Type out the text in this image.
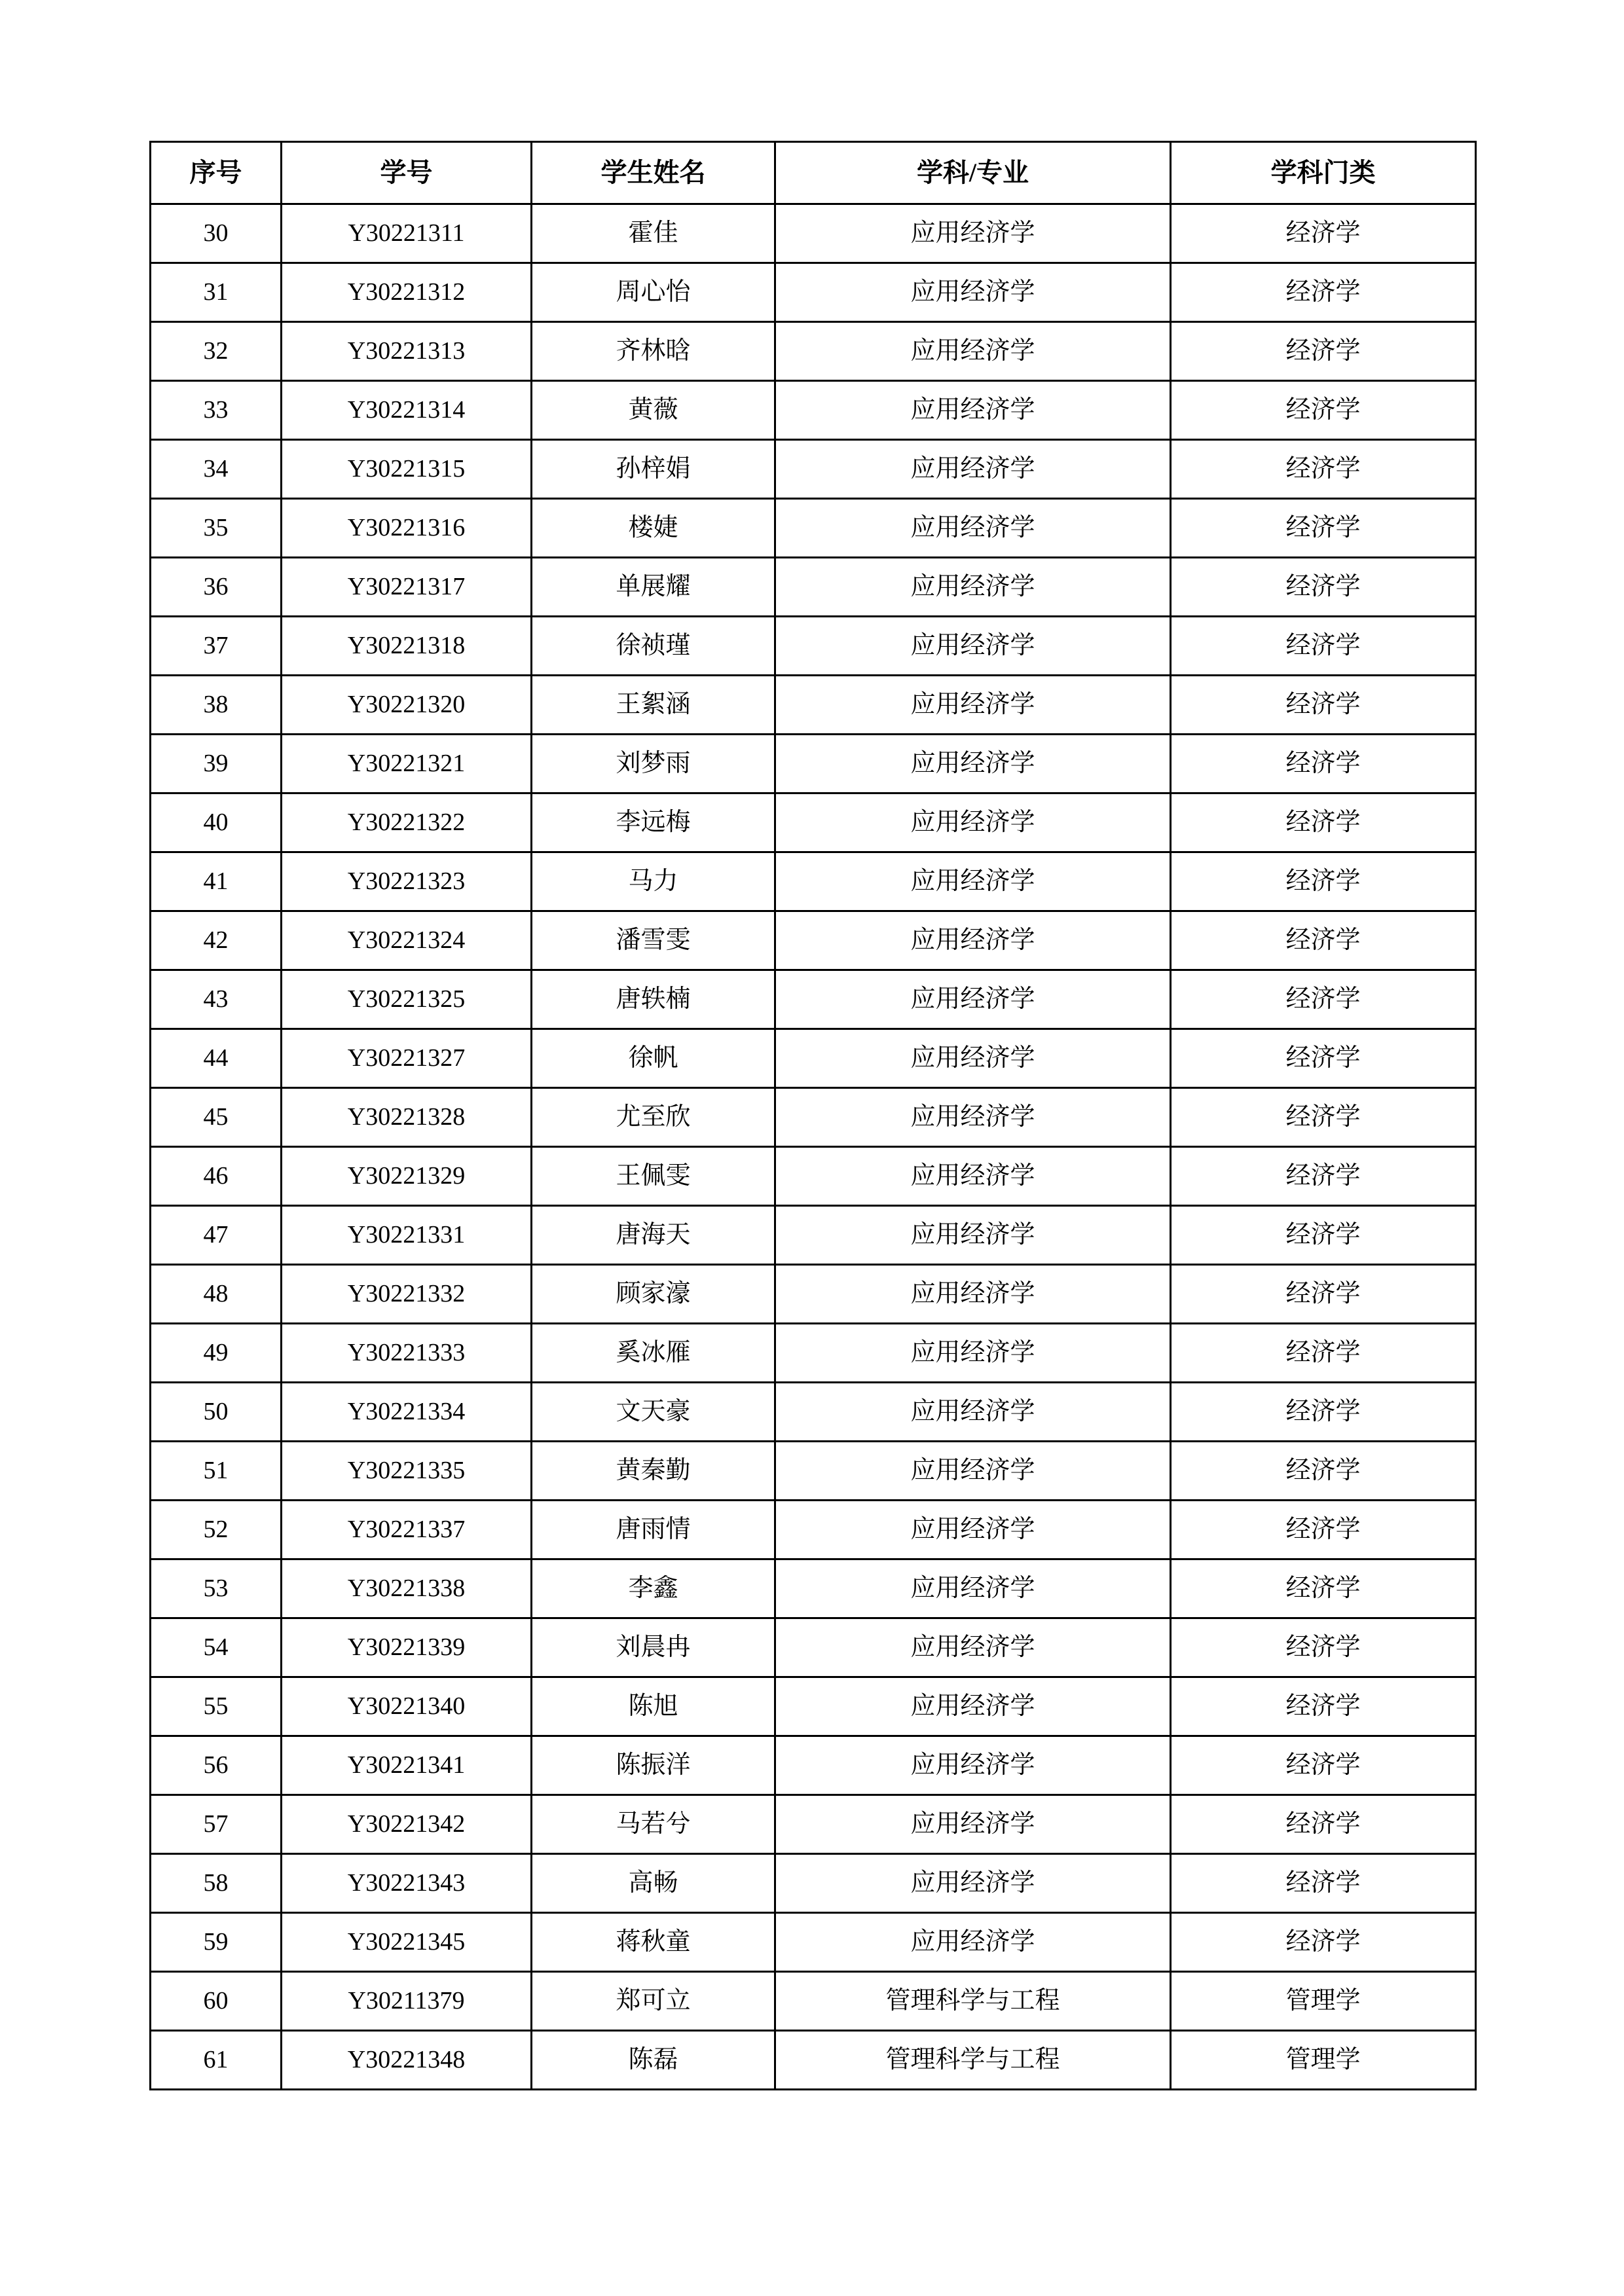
序号	学号	学生姓名	学科/专业	学科门类
30	Y30221311	霍佳	应用经济学	经济学
31	Y30221312	周心怡	应用经济学	经济学
32	Y30221313	齐林晗	应用经济学	经济学
33	Y30221314	黄薇	应用经济学	经济学
34	Y30221315	孙梓娟	应用经济学	经济学
35	Y30221316	楼婕	应用经济学	经济学
36	Y30221317	单展耀	应用经济学	经济学
37	Y30221318	徐祯瑾	应用经济学	经济学
38	Y30221320	王絮涵	应用经济学	经济学
39	Y30221321	刘梦雨	应用经济学	经济学
40	Y30221322	李远梅	应用经济学	经济学
41	Y30221323	马力	应用经济学	经济学
42	Y30221324	潘雪雯	应用经济学	经济学
43	Y30221325	唐轶楠	应用经济学	经济学
44	Y30221327	徐帆	应用经济学	经济学
45	Y30221328	尤至欣	应用经济学	经济学
46	Y30221329	王佩雯	应用经济学	经济学
47	Y30221331	唐海天	应用经济学	经济学
48	Y30221332	顾家濠	应用经济学	经济学
49	Y30221333	奚冰雁	应用经济学	经济学
50	Y30221334	文天豪	应用经济学	经济学
51	Y30221335	黄秦勤	应用经济学	经济学
52	Y30221337	唐雨情	应用经济学	经济学
53	Y30221338	李鑫	应用经济学	经济学
54	Y30221339	刘晨冉	应用经济学	经济学
55	Y30221340	陈旭	应用经济学	经济学
56	Y30221341	陈振洋	应用经济学	经济学
57	Y30221342	马若兮	应用经济学	经济学
58	Y30221343	高畅	应用经济学	经济学
59	Y30221345	蒋秋童	应用经济学	经济学
60	Y30211379	郑可立	管理科学与工程	管理学
61	Y30221348	陈磊	管理科学与工程	管理学
